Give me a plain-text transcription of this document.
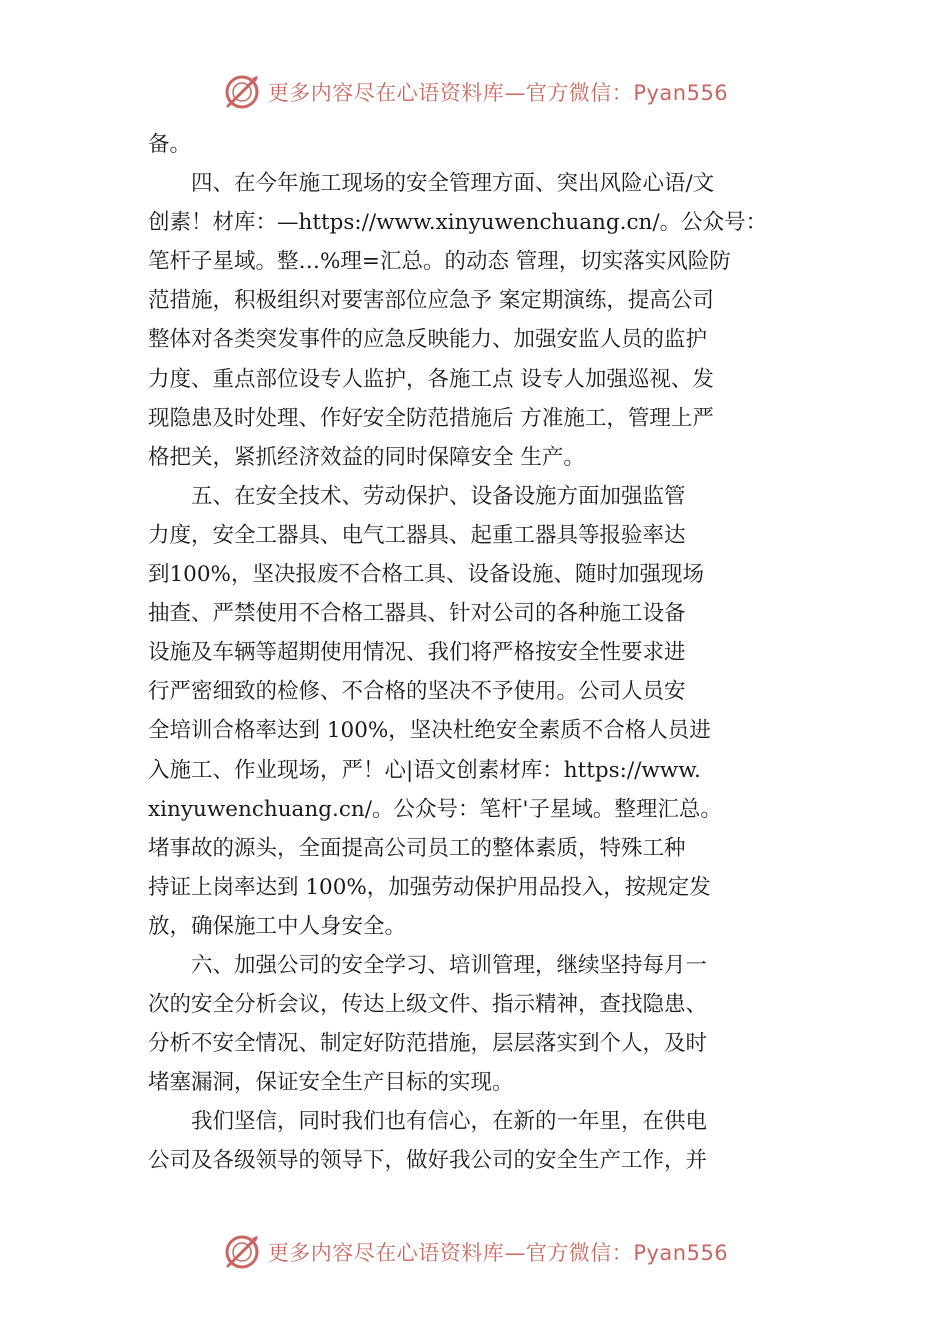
更多内容尽在心语资料库—官方微信：Pyan556
备。
　　四、在今年施工现场的安全管理方面、突出风险心语/文
创素！材库：—https://www.xinyuwenchuang.cn/。公众号：
笔杆子星域。整…%理=汇总。的动态 管理，切实落实风险防
范措施，积极组织对要害部位应急予 案定期演练，提高公司
整体对各类突发事件的应急反映能力、加强安监人员的监护
力度、重点部位设专人监护，各施工点 设专人加强巡视、发
现隐患及时处理、作好安全防范措施后 方准施工，管理上严
格把关，紧抓经济效益的同时保障安全 生产。
　　五、在安全技术、劳动保护、设备设施方面加强监管
力度，安全工器具、电气工器具、起重工器具等报验率达
到100%，坚决报废不合格工具、设备设施、随时加强现场
抽查、严禁使用不合格工器具、针对公司的各种施工设备
设施及车辆等超期使用情况、我们将严格按安全性要求进
行严密细致的检修、不合格的坚决不予使用。公司人员安
全培训合格率达到 100%，坚决杜绝安全素质不合格人员进
入施工、作业现场，严！心|语文创素材库：https://www.
xinyuwenchuang.cn/。公众号：笔杆'子星域。整理汇总。
堵事故的源头，全面提高公司员工的整体素质，特殊工种
持证上岗率达到 100%，加强劳动保护用品投入，按规定发
放，确保施工中人身安全。
　　六、加强公司的安全学习、培训管理，继续坚持每月一
次的安全分析会议，传达上级文件、指示精神，查找隐患、
分析不安全情况、制定好防范措施，层层落实到个人，及时
堵塞漏洞，保证安全生产目标的实现。
　　我们坚信，同时我们也有信心，在新的一年里，在供电
公司及各级领导的领导下，做好我公司的安全生产工作，并
更多内容尽在心语资料库—官方微信：Pyan556
